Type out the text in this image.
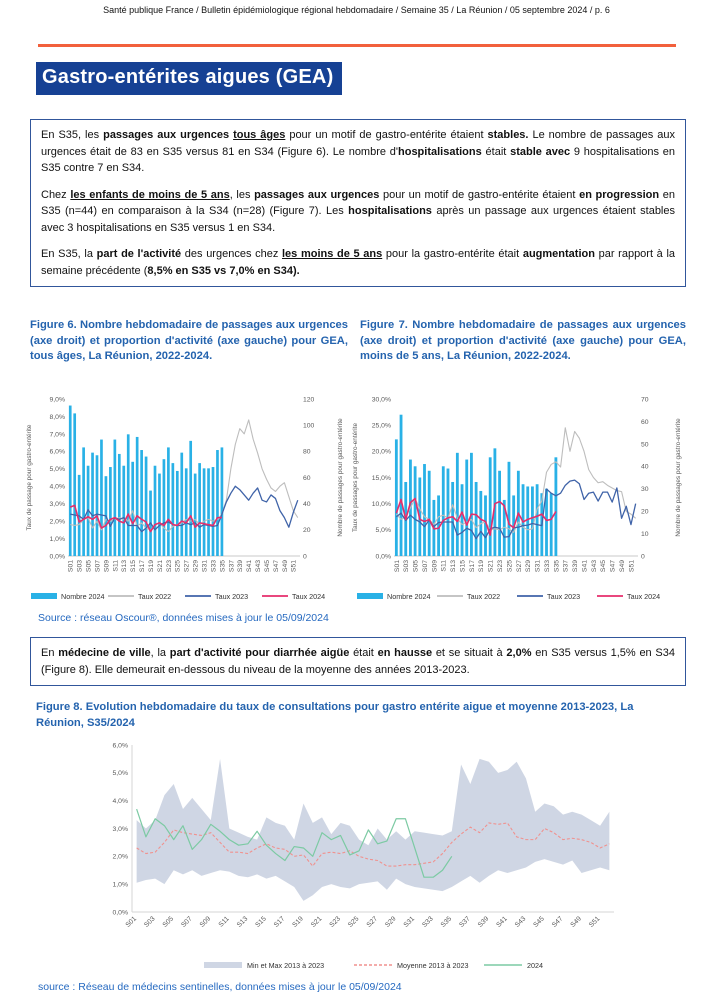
Santé publique France / Bulletin épidémiologique régional hebdomadaire / Semaine 35 / La Réunion / 05 septembre 2024 / p. 6
Gastro-entérites aigues (GEA)

En S35, les passages aux urgences tous âges pour un motif de gastro-entérite étaient stables. Le nombre de passages aux urgences était de 83 en S35 versus 81 en S34 (Figure 6). Le nombre d'hospitalisations était stable avec 9 hospitalisations en S35 contre 7 en S34.

Chez les enfants de moins de 5 ans, les passages aux urgences pour un motif de gastro-entérite étaient en progression en S35 (n=44) en comparaison à la S34 (n=28) (Figure 7). Les hospitalisations après un passage aux urgences étaient stables avec 3 hospitalisations en S35 versus 1 en S34.

En S35, la part de l'activité des urgences chez les moins de 5 ans pour la gastro-entérite était augmentation par rapport à la semaine précédente (8,5% en S35 vs 7,0% en S34).

Figure 6. Nombre hebdomadaire de passages aux urgences (axe droit) et proportion d'activité (axe gauche) pour GEA, tous âges, La Réunion, 2022-2024.
Figure 7. Nombre hebdomadaire de passages aux urgences (axe droit) et proportion d'activité (axe gauche) pour GEA, moins de 5 ans, La Réunion, 2022-2024.
0,0%
1,0%
2,0%
3,0%
4,0%
5,0%
6,0%
7,0%
8,0%
9,0%
0
20
40
60
80
100
120
S01 S03 S05 S07 S09 S11 S13 S15 S17 S19 S21 S23 S25 S27 S29 S31 S33 S35 S37 S39 S41 S43 S45 S47 S49 S51
Taux de passage pour gastro-entérite	Nombre de passages pour gastro-entérite
Nombre 2024	Taux 2022	Taux 2023	Taux 2024
0,0%
5,0%
10,0%
15,0%
20,0%
25,0%
30,0%
0
10
20
30
40
50
60
70
S01 S03 S05 S07 S09 S11 S13 S15 S17 S19 S21 S23 S25 S27 S29 S31 S33 S35 S37 S39 S41 S43 S45 S47 S49 S51
Taux de passages pour gastro-entérite	Nombre de passages pour gastro-entérite
Nombre 2024	Taux 2022	Taux 2023	Taux 2024
Source : réseau Oscour®, données mises à jour le 05/09/2024

En médecine de ville, la part d'activité pour diarrhée aigüe était en hausse et se situait à 2,0% en S35 versus 1,5% en S34 (Figure 8). Elle demeurait en-dessous du niveau de la moyenne des années 2013-2023.

Figure 8. Evolution hebdomadaire du taux de consultations pour gastro entérite aigue et moyenne 2013-2023, La Réunion, S35/2024
0,0%
1,0%
2,0%
3,0%
4,0%
5,0%
6,0%
S01 S03 S05 S07 S09 S11 S13 S15 S17 S19 S21 S23 S25 S27 S29 S31 S33 S35 S37 S39 S41 S43 S45 S47 S49 S51
Min et Max 2013 à 2023	Moyenne 2013 à 2023	2024
source : Réseau de médecins sentinelles, données mises à jour le 05/09/2024
